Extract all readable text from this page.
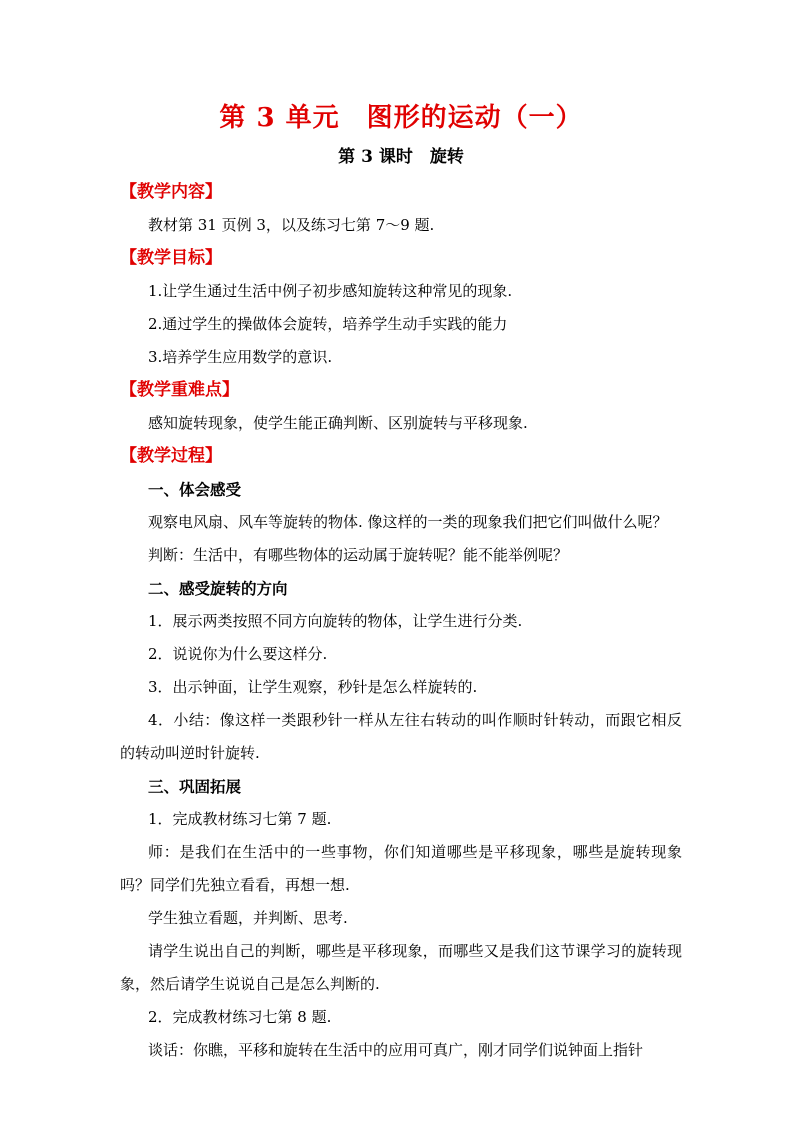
第 3 单元　图形的运动（一）
第 3 课时　旋转

【教学内容】

教材第 31 页例 3，以及练习七第 7～9 题.

【教学目标】

1.让学生通过生活中例子初步感知旋转这种常见的现象.

2.通过学生的操做体会旋转，培养学生动手实践的能力

3.培养学生应用数学的意识.

【教学重难点】

感知旋转现象，使学生能正确判断、区别旋转与平移现象.

【教学过程】

一、体会感受

观察电风扇、风车等旋转的物体. 像这样的一类的现象我们把它们叫做什么呢？

判断：生活中，有哪些物体的运动属于旋转呢？能不能举例呢？

二、感受旋转的方向

1．展示两类按照不同方向旋转的物体，让学生进行分类.

2．说说你为什么要这样分.

3．出示钟面，让学生观察，秒针是怎么样旋转的.

4．小结：像这样一类跟秒针一样从左往右转动的叫作顺时针转动，而跟它相反的转动叫逆时针旋转.

三、巩固拓展

1．完成教材练习七第 7 题.

师：是我们在生活中的一些事物，你们知道哪些是平移现象，哪些是旋转现象吗？同学们先独立看看，再想一想.

学生独立看题，并判断、思考.

请学生说出自己的判断，哪些是平移现象，而哪些又是我们这节课学习的旋转现象，然后请学生说说自己是怎么判断的.

2．完成教材练习七第 8 题.

谈话：你瞧，平移和旋转在生活中的应用可真广，刚才同学们说钟面上指针
